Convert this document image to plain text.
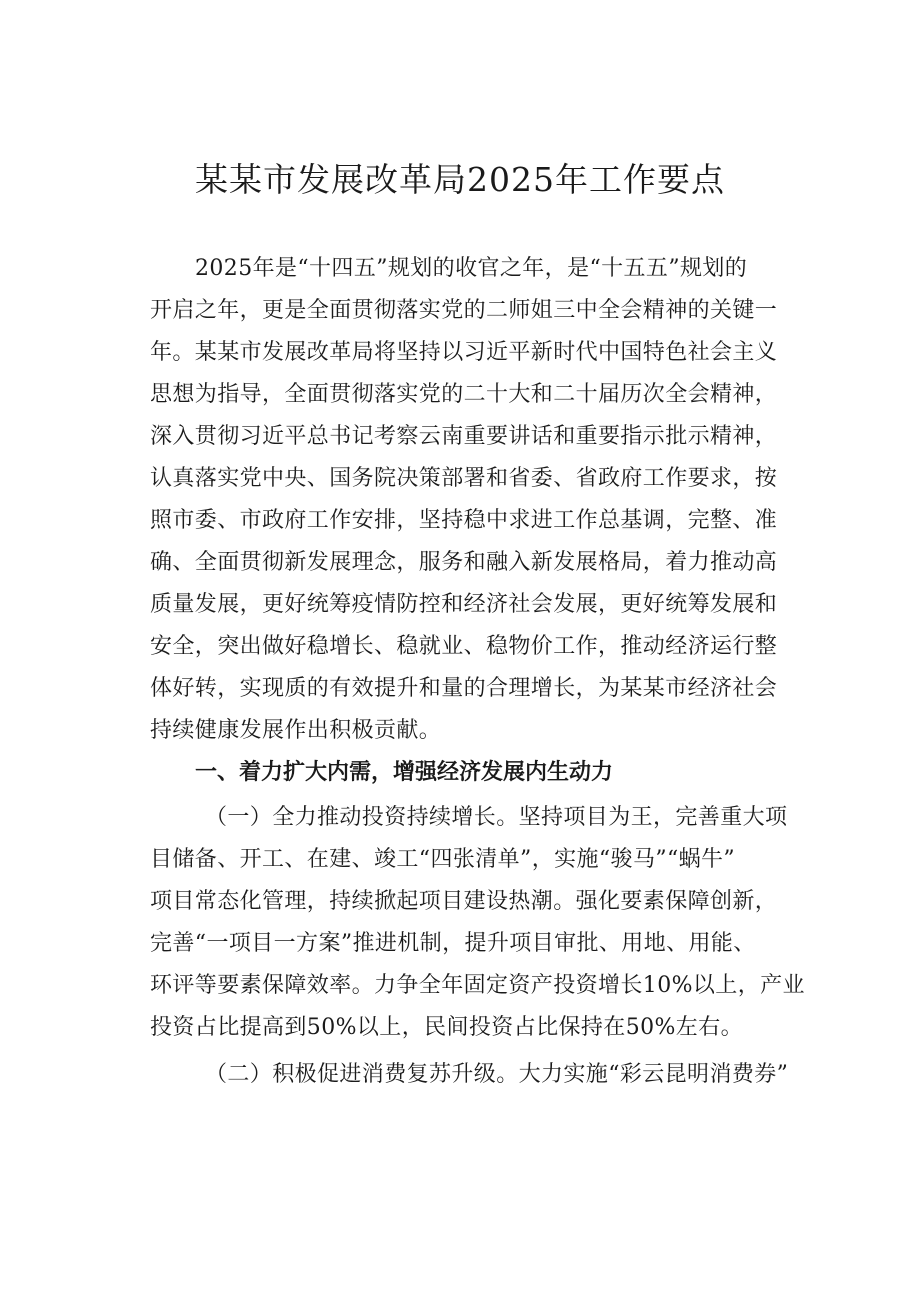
某某市发展改革局2025年工作要点
2025年是“十四五”规划的收官之年，是“十五五”规划的
开启之年，更是全面贯彻落实党的二师姐三中全会精神的关键一
年。某某市发展改革局将坚持以习近平新时代中国特色社会主义
思想为指导，全面贯彻落实党的二十大和二十届历次全会精神，
深入贯彻习近平总书记考察云南重要讲话和重要指示批示精神，
认真落实党中央、国务院决策部署和省委、省政府工作要求，按
照市委、市政府工作安排，坚持稳中求进工作总基调，完整、准
确、全面贯彻新发展理念，服务和融入新发展格局，着力推动高
质量发展，更好统筹疫情防控和经济社会发展，更好统筹发展和
安全，突出做好稳增长、稳就业、稳物价工作，推动经济运行整
体好转，实现质的有效提升和量的合理增长，为某某市经济社会
持续健康发展作出积极贡献。
一、着力扩大内需，增强经济发展内生动力
（一）全力推动投资持续增长。坚持项目为王，完善重大项
目储备、开工、在建、竣工“四张清单”，实施“骏马”“蜗牛”
项目常态化管理，持续掀起项目建设热潮。强化要素保障创新，
完善“一项目一方案”推进机制，提升项目审批、用地、用能、
环评等要素保障效率。力争全年固定资产投资增长10%以上，产业
投资占比提高到50%以上，民间投资占比保持在50%左右。
（二）积极促进消费复苏升级。大力实施“彩云昆明消费券”
